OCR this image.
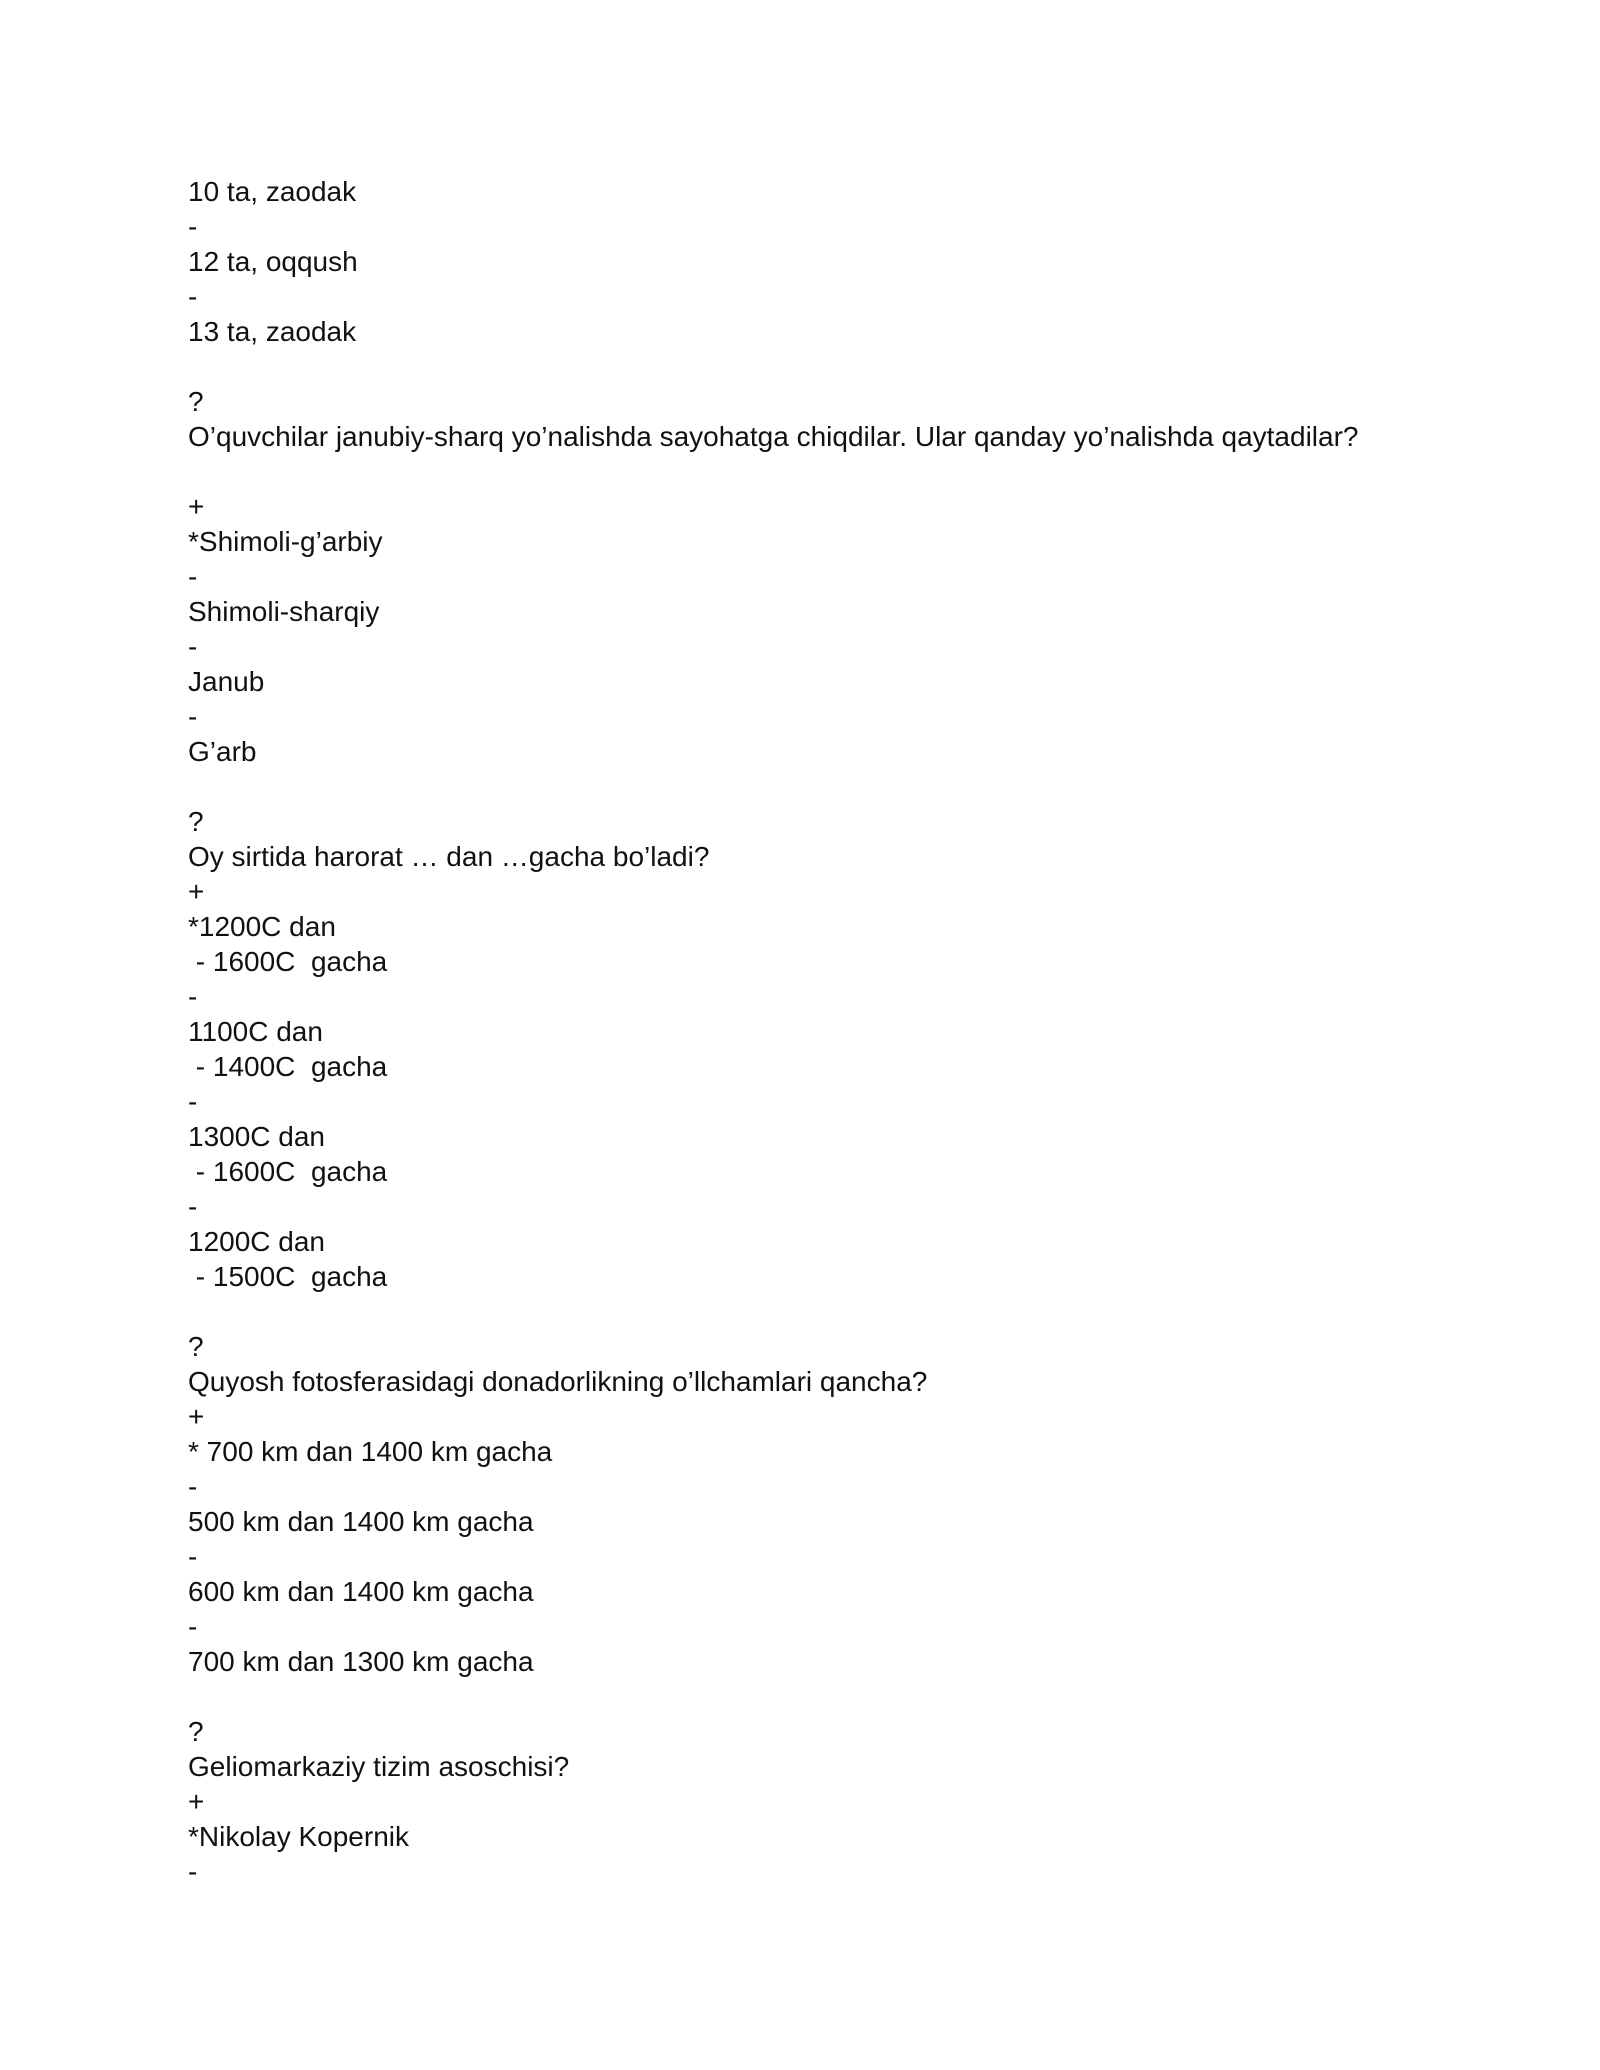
10 ta, zaodak
-
12 ta, oqqush
-
13 ta, zaodak
?
O’quvchilar janubiy-sharq yo’nalishda sayohatga chiqdilar. Ular qanday yo’nalishda qaytadilar?
+
*Shimoli-g’arbiy
-
Shimoli-sharqiy
-
Janub
-
G’arb
?
Oy sirtida harorat … dan …gacha bo’ladi?
+
*1200C dan
- 1600C  gacha
-
1100C dan
- 1400C  gacha
-
1300C dan
- 1600C  gacha
-
1200C dan
- 1500C  gacha
?
Quyosh fotosferasidagi donadorlikning o’llchamlari qancha?
+
* 700 km dan 1400 km gacha
-
500 km dan 1400 km gacha
-
600 km dan 1400 km gacha
-
700 km dan 1300 km gacha
?
Geliomarkaziy tizim asoschisi?
+
*Nikolay Kopernik
-
